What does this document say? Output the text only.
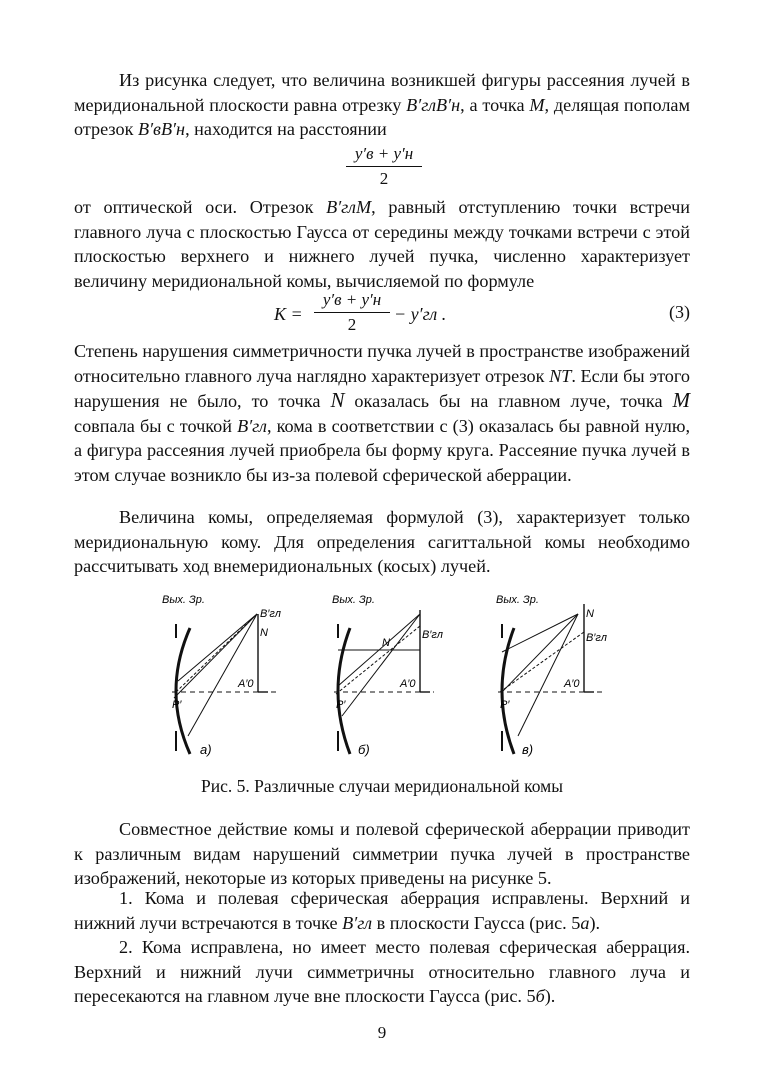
Из рисунка следует, что величина возникшей фигуры рассеяния лучей в меридиональной плоскости равна отрезку B′глB′н, а точка M, делящая пополам отрезок B′вB′н, находится на расстоянии

y′в + y′н
2

от оптической оси. Отрезок B′глM, равный отступлению точки встречи главного луча с плоскостью Гаусса от середины между точками встречи с этой плоскостью верхнего и нижнего лучей пучка, численно характеризует величину меридиональной комы, вычисляемой по формуле

K =
y′в + y′н
2
− y′гл .	(3)

Степень нарушения симметричности пучка лучей в пространстве изображений относительно главного луча наглядно характеризует отрезок NT. Если бы этого нарушения не было, то точка N оказалась бы на главном луче, точка M совпала бы с точкой B′гл, кома в соответствии с (3) оказалась бы равной нулю, а фигура рассеяния лучей приобрела бы форму круга. Рассеяние пучка лучей в этом случае возникло бы из-за полевой сферической аберрации.

Величина комы, определяемая формулой (3), характеризует только меридиональную кому. Для определения сагиттальной комы необходимо рассчитывать ход внемеридиональных (косых) лучей.

Вых. Зр.
B′гл
N
A′0
P′
а)
Вых. Зр.
B′гл
N
A′0
P′
б)
Вых. Зр.
N
B′гл
A′0
P′
в)
Рис. 5. Различные случаи меридиональной комы

Совместное действие комы и полевой сферической аберрации приводит к различным видам нарушений симметрии пучка лучей в пространстве изображений, некоторые из которых приведены на рисунке 5.

1. Кома и полевая сферическая аберрация исправлены. Верхний и нижний лучи встречаются в точке B′гл в плоскости Гаусса (рис. 5а).

2. Кома исправлена, но имеет место полевая сферическая аберрация. Верхний и нижний лучи симметричны относительно главного луча и пересекаются на главном луче вне плоскости Гаусса (рис. 5б).

9
